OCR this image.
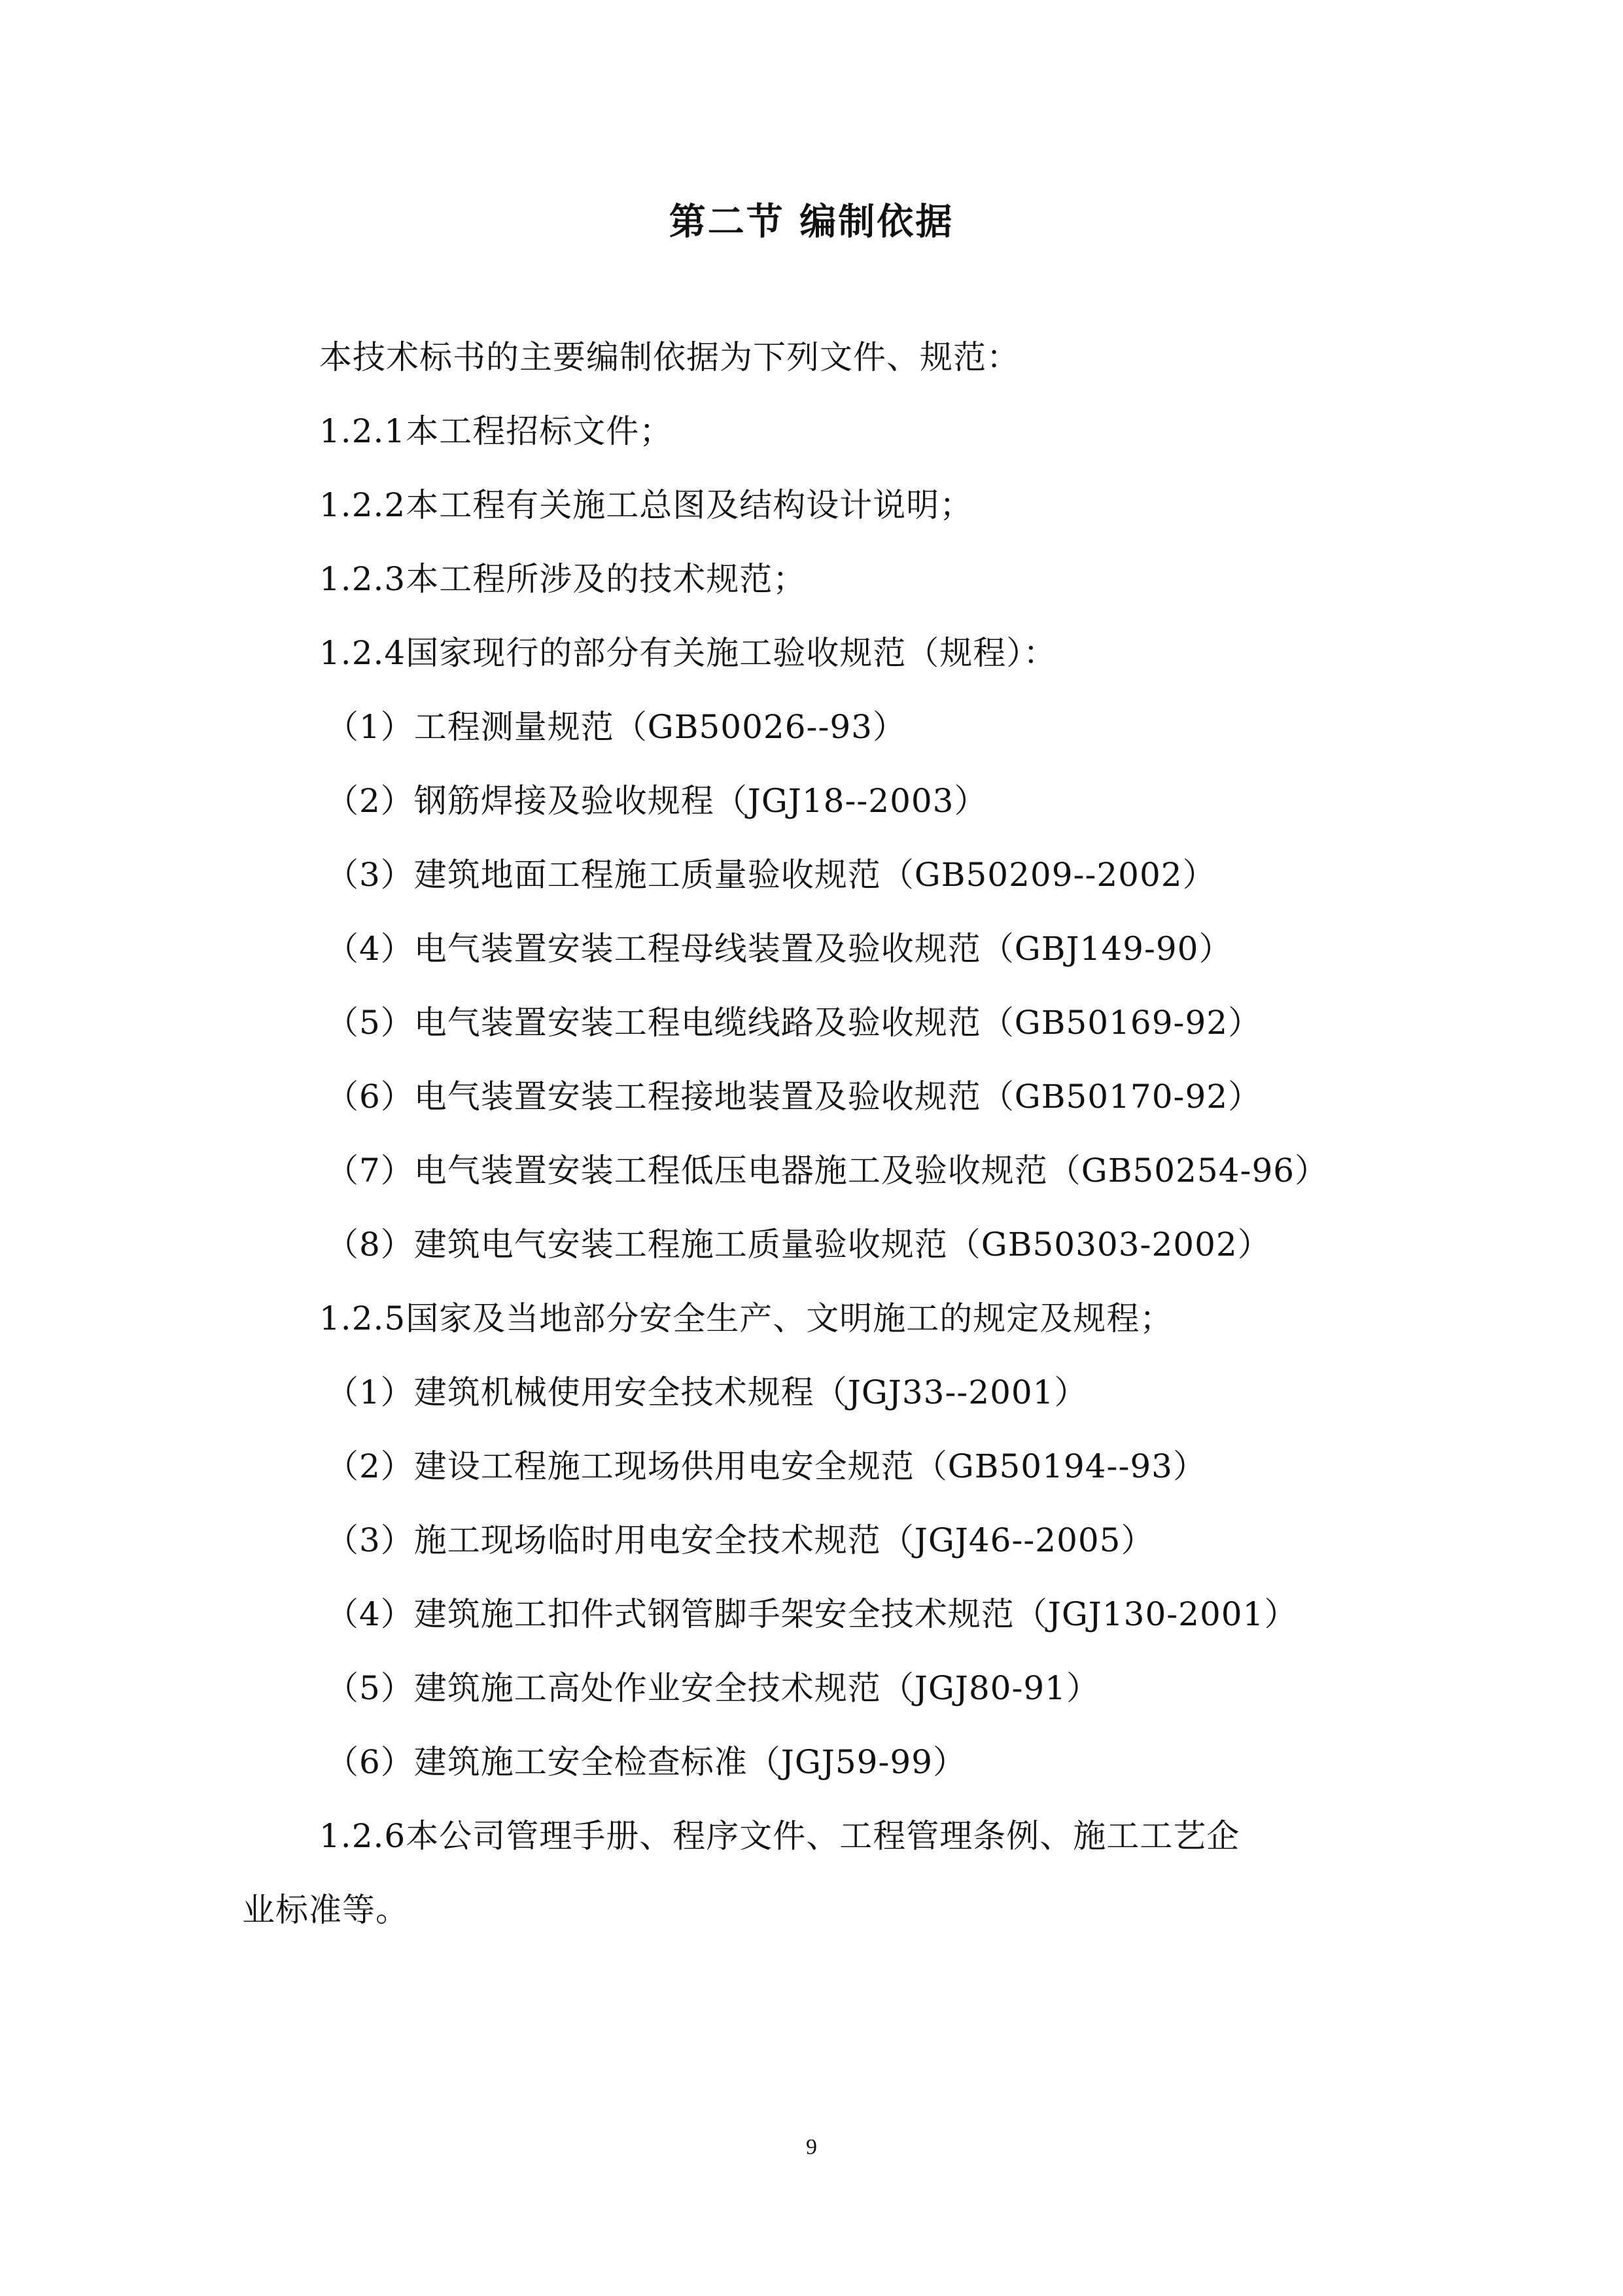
第二节 编制依据
本技术标书的主要编制依据为下列文件、规范：
1.2.1本工程招标文件；
1.2.2本工程有关施工总图及结构设计说明；
1.2.3本工程所涉及的技术规范；
1.2.4国家现行的部分有关施工验收规范（规程）：
（1）工程测量规范（GB50026--93）
（2）钢筋焊接及验收规程（JGJ18--2003）
（3）建筑地面工程施工质量验收规范（GB50209--2002）
（4）电气装置安装工程母线装置及验收规范（GBJ149-90）
（5）电气装置安装工程电缆线路及验收规范（GB50169-92）
（6）电气装置安装工程接地装置及验收规范（GB50170-92）
（7）电气装置安装工程低压电器施工及验收规范（GB50254-96）
（8）建筑电气安装工程施工质量验收规范（GB50303-2002）
1.2.5国家及当地部分安全生产、文明施工的规定及规程；
（1）建筑机械使用安全技术规程（JGJ33--2001）
（2）建设工程施工现场供用电安全规范（GB50194--93）
（3）施工现场临时用电安全技术规范（JGJ46--2005）
（4）建筑施工扣件式钢管脚手架安全技术规范（JGJ130-2001）
（5）建筑施工高处作业安全技术规范（JGJ80-91）
（6）建筑施工安全检查标准（JGJ59-99）
1.2.6本公司管理手册、程序文件、工程管理条例、施工工艺企
业标准等。
9
